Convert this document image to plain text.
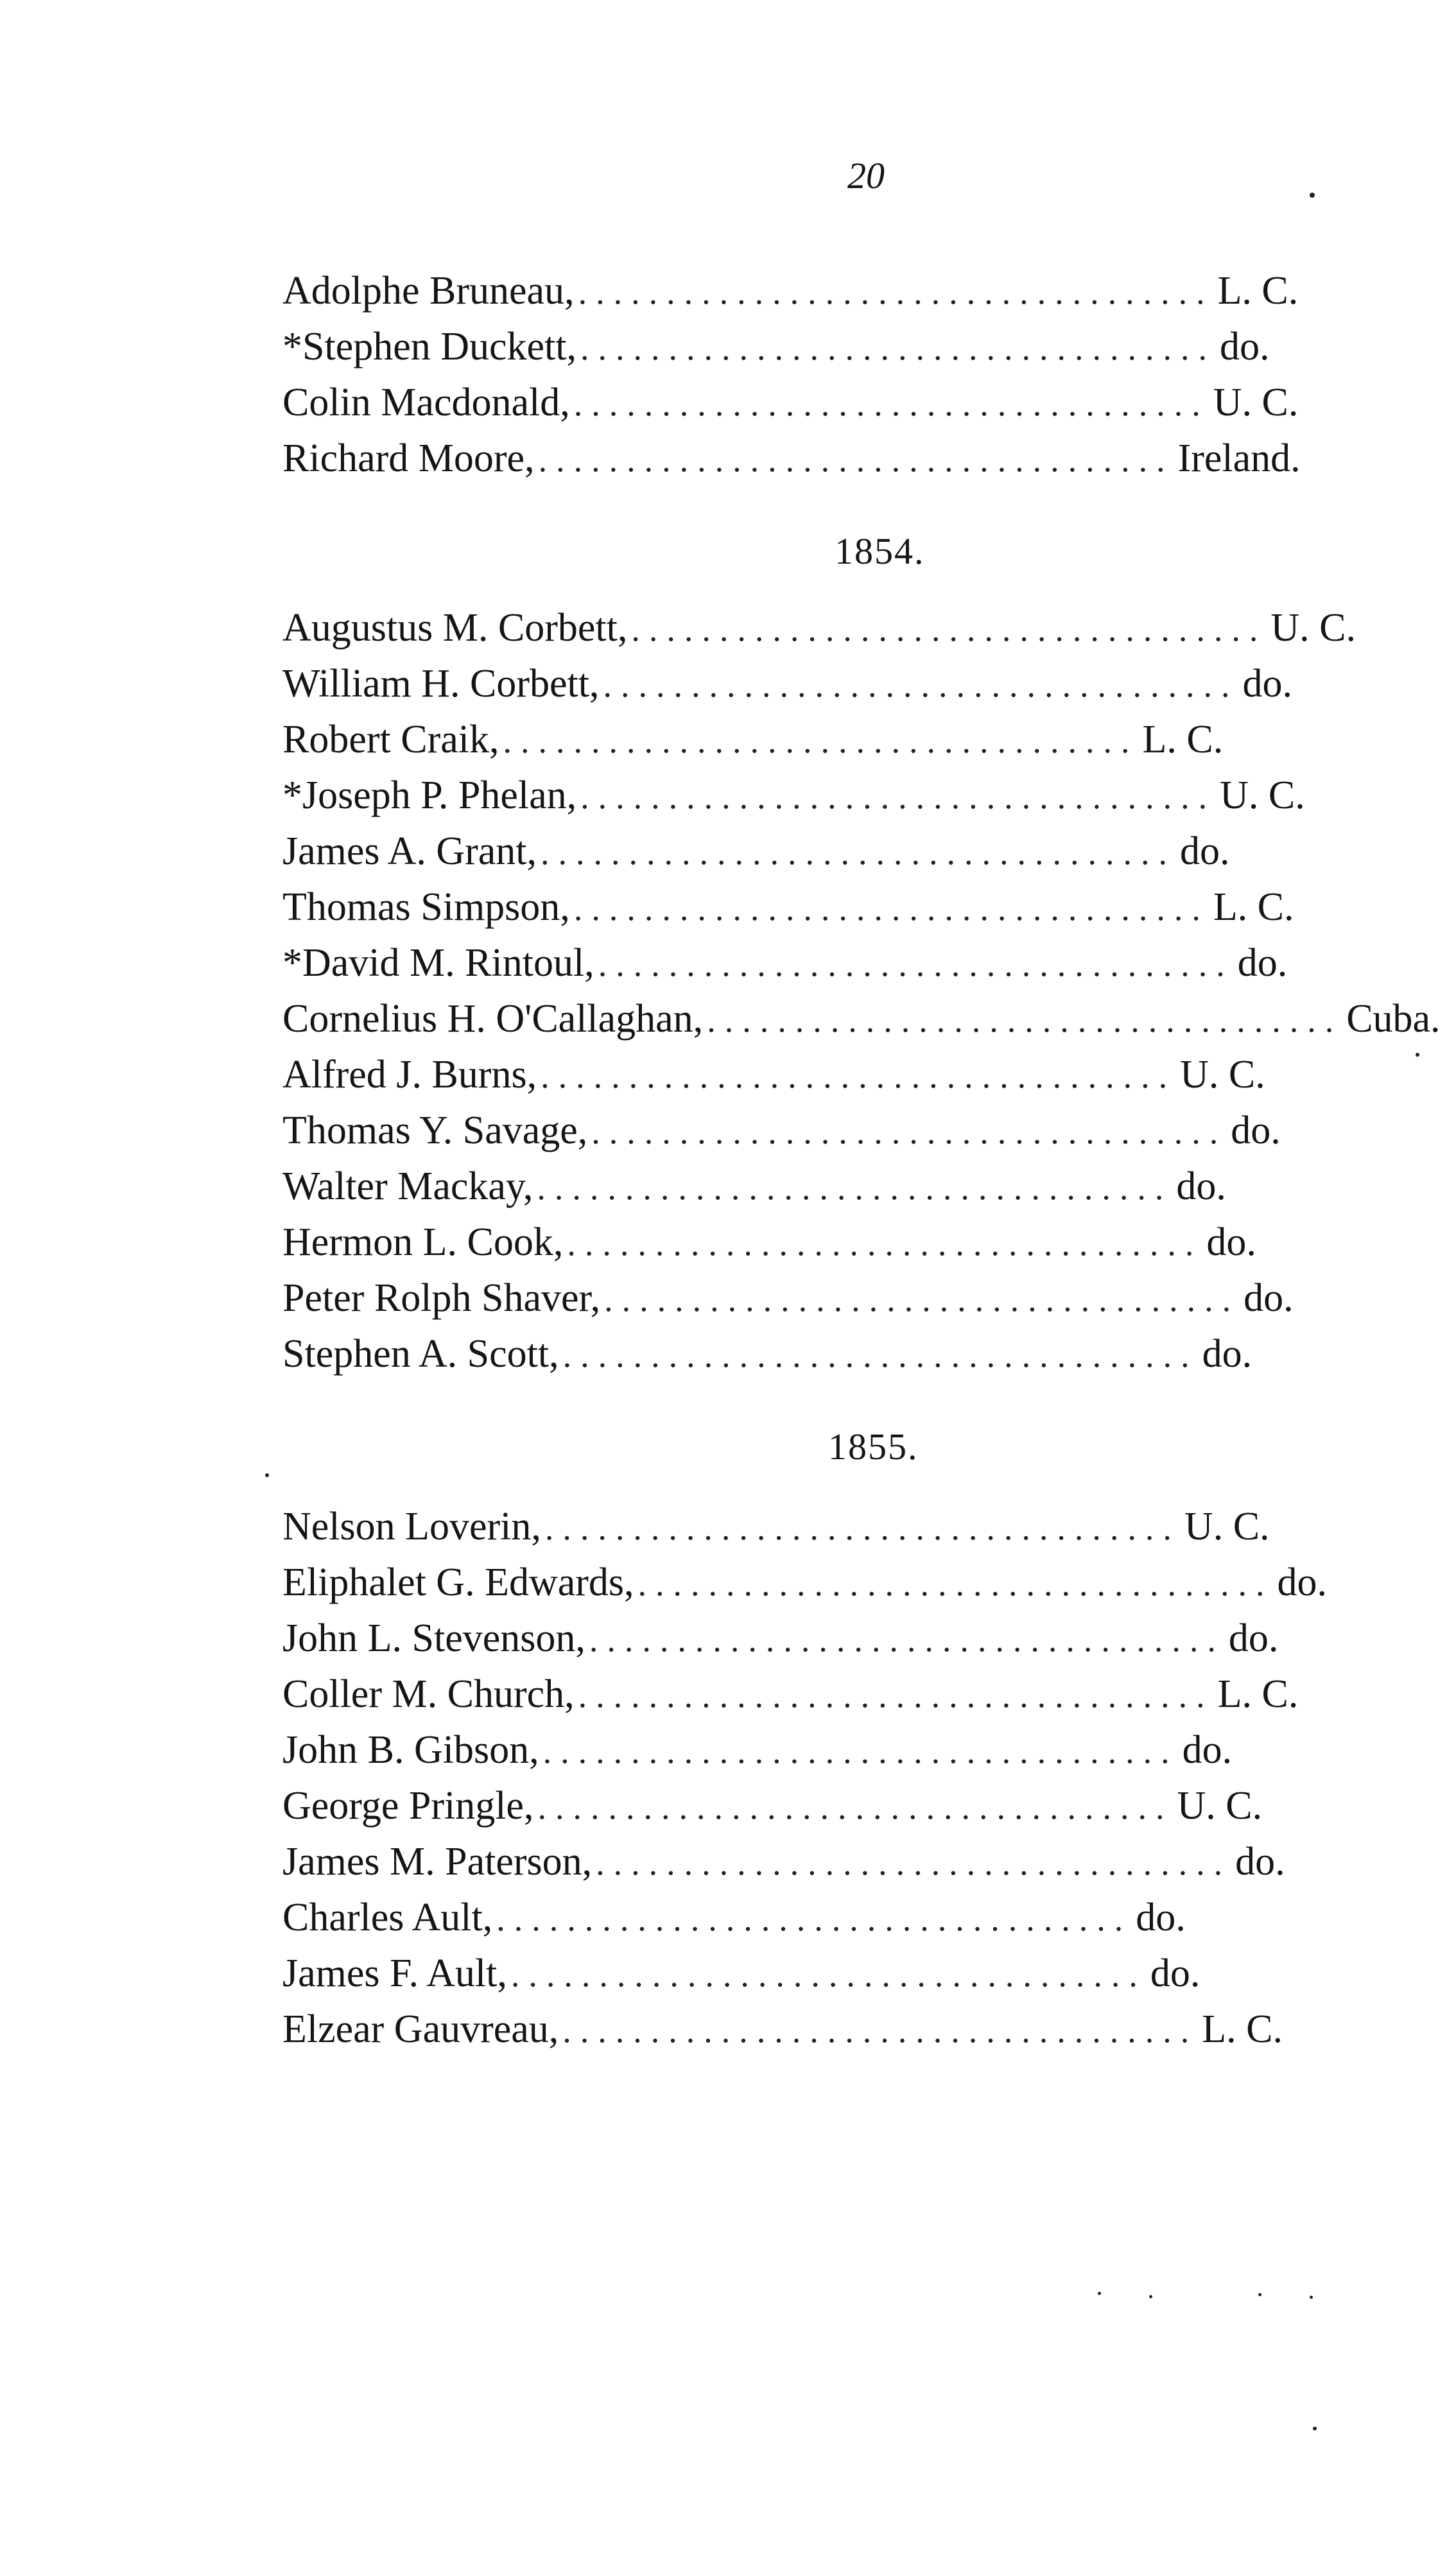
20
Adolphe Bruneau, .................................... L. C.
*Stephen Duckett, .................................... do.
Colin Macdonald, .................................... U. C.
Richard Moore, .................................... Ireland.
1854.
Augustus M. Corbett, .................................... U. C.
William H. Corbett, .................................... do.
Robert Craik, .................................... L. C.
*Joseph P. Phelan, .................................... U. C.
James A. Grant, .................................... do.
Thomas Simpson, .................................... L. C.
*David M. Rintoul, .................................... do.
Cornelius H. O'Callaghan, .................................... Cuba.
Alfred J. Burns, .................................... U. C.
Thomas Y. Savage, .................................... do.
Walter Mackay, .................................... do.
Hermon L. Cook, .................................... do.
Peter Rolph Shaver, .................................... do.
Stephen A. Scott, .................................... do.
1855.
Nelson Loverin, .................................... U. C.
Eliphalet G. Edwards, .................................... do.
John L. Stevenson, .................................... do.
Coller M. Church, .................................... L. C.
John B. Gibson, .................................... do.
George Pringle, .................................... U. C.
James M. Paterson, .................................... do.
Charles Ault, .................................... do.
James F. Ault, .................................... do.
Elzear Gauvreau, .................................... L. C.
